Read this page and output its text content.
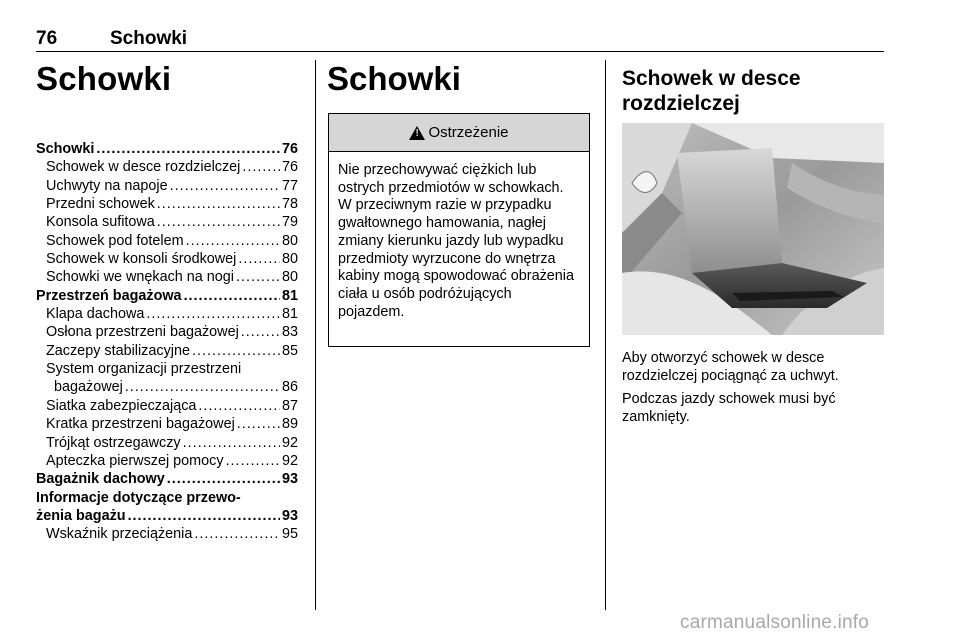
76	Schowki
Schowki
Schowki .....	76
Schowek w desce rozdzielczej .....	76
Uchwyty na napoje .....	77
Przedni schowek .....	78
Konsola sufitowa .....	79
Schowek pod fotelem .....	80
Schowek w konsoli środkowej .....	80
Schowki we wnękach na nogi .....	80
Przestrzeń bagażowa .....	81
Klapa dachowa .....	81
Osłona przestrzeni bagażowej .....	83
Zaczepy stabilizacyjne .....	85
System organizacji przestrzeni
bagażowej .....	86
Siatka zabezpieczająca .....	87
Kratka przestrzeni bagażowej .....	89
Trójkąt ostrzegawczy .....	92
Apteczka pierwszej pomocy .....	92
Bagażnik dachowy .....	93
Informacje dotyczące przewo-
żenia bagażu .....	93
Wskaźnik przeciążenia .....	95
Schowki
!
Ostrzeżenie
Nie przechowywać ciężkich lub ostrych przedmiotów w schowkach. W przeciwnym razie w przypadku gwałtownego hamowania, nagłej zmiany kierunku jazdy lub wypadku przedmioty wyrzucone do wnętrza kabiny mogą spowodować obrażenia ciała u osób podróżujących pojazdem.
Schowek w desce rozdzielczej
Aby otworzyć schowek w desce rozdzielczej pociągnąć za uchwyt.
Podczas jazdy schowek musi być zamknięty.
carmanualsonline.info
